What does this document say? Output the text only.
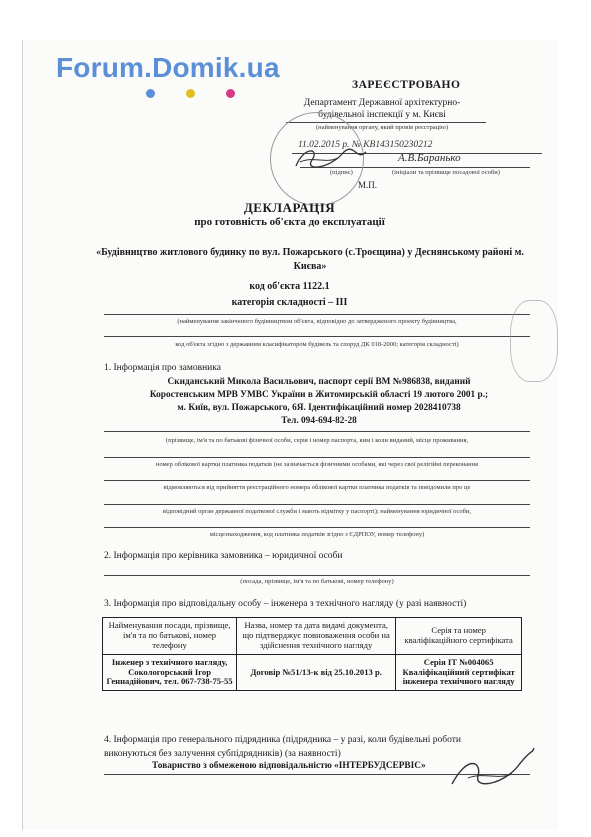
Forum.Domik.ua
ЗАРЕЄСТРОВАНО
Департамент Державної архітектурно-
будівельної інспекції у м. Києві
(найменування органу, який провів реєстрацію)
11.02.2015 р. № КВ143150230212
(підпис)	(ініціали та прізвище посадової особи)
А.В.Баранько
М.П.
ДЕКЛАРАЦІЯ
про готовність об'єкта до експлуатації
«Будівництво житлового будинку по вул. Пожарського (с.Троєщина) у Деснянському районі м. Києва»
код об'єкта 1122.1
категорія складності – ІІІ
(найменування закінченого будівництвом об'єкта, відповідно до затвердженого проекту будівництва,
код об'єкта згідно з державним класифікатором будівель та споруд ДК 018-2000; категорія складності)
1. Інформація про замовника
Скиданський Микола Васильович, паспорт серії ВМ №986838, виданий
Коростенським МРВ УМВС України в Житомирській області 19 лютого 2001 р.;
м. Київ, вул. Пожарського, 6Я. Ідентифікаційний номер 2028410738
Тел. 094-694-82-28
(прізвище, ім'я та по батькові фізичної особи, серія і номер паспорта, ким і коли виданий, місце проживання,
номер облікової картки платника податків (не зазначається фізичними особами, які через свої релігійні переконання
відмовляються від прийняття реєстраційного номера облікової картки платника податків та повідомили про це
відповідний орган державної податкової служби і мають відмітку у паспорті); найменування юридичної особи,
місцезнаходження, код платника податків згідно з ЄДРПОУ, номер телефону)
2. Інформація про керівника замовника – юридичної особи
(посада, прізвище, ім'я та по батькові, номер телефону)
3. Інформація про відповідальну особу – інженера з технічного нагляду (у разі наявності)
Найменування посади, прізвище, ім'я та по батькові, номер телефону	Назва, номер та дата видачі документа, що підтверджує повноваження особи на здійснення технічного нагляду	Серія та номер кваліфікаційного сертифіката
Інженер з технічного нагляду, Сокологорський Ігор Геннадійович, тел. 067-738-75-55	Договір №51/13-к від 25.10.2013 р.	Серія ІТ №004065 Кваліфікаційний сертифікат інженера технічного нагляду
4. Інформація про генерального підрядника (підрядника – у разі, коли будівельні роботи
виконуються без залучення субпідрядників) (за наявності)
Товариство з обмеженою відповідальністю «ІНТЕРБУДСЕРВІС»
